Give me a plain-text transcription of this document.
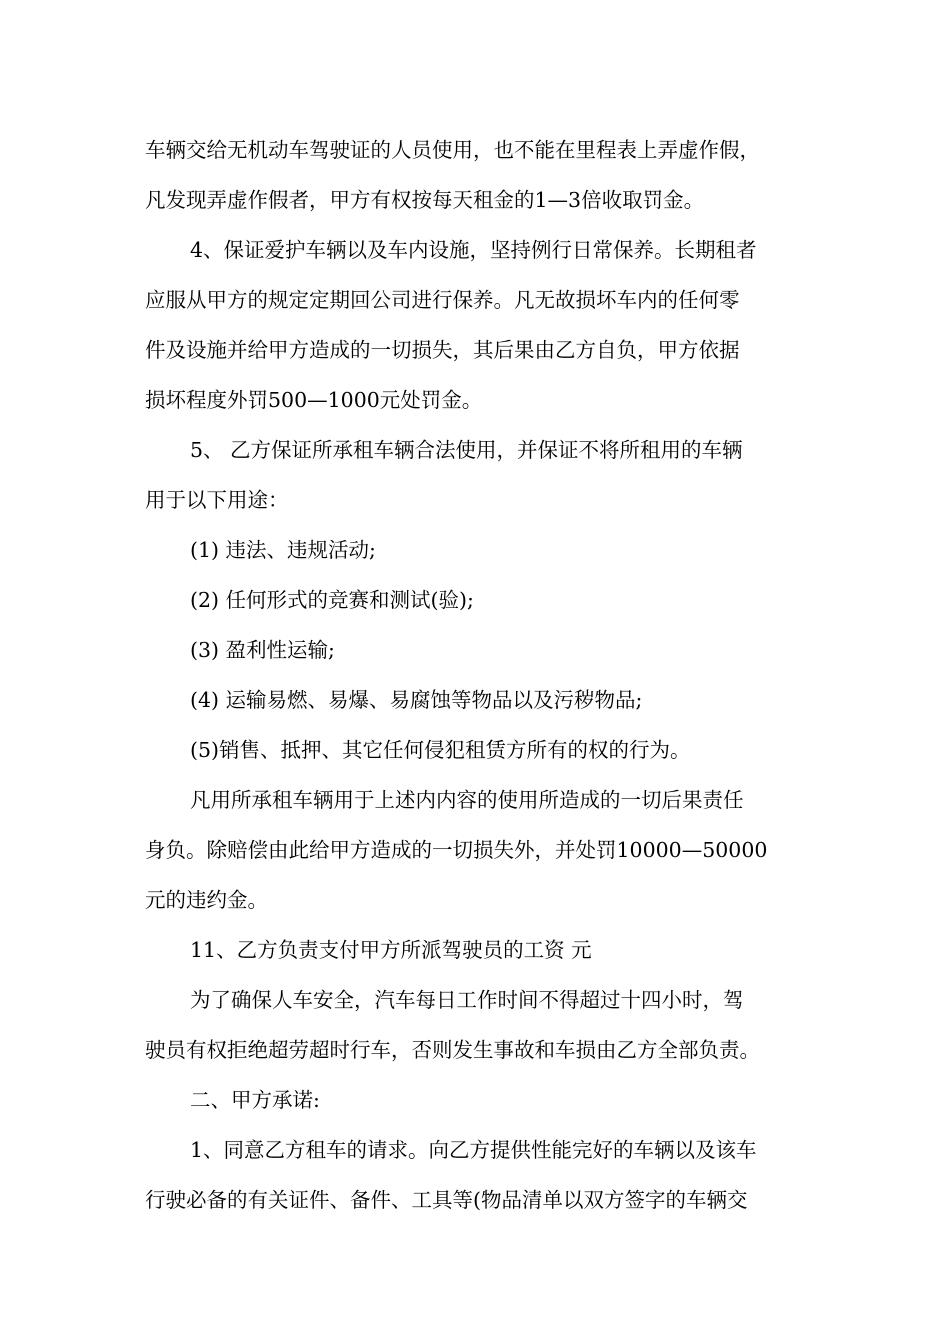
车辆交给无机动车驾驶证的人员使用，也不能在里程表上弄虚作假，
凡发现弄虚作假者，甲方有权按每天租金的1—3倍收取罚金。
4、保证爱护车辆以及车内设施，坚持例行日常保养。长期租者
应服从甲方的规定定期回公司进行保养。凡无故损坏车内的任何零
件及设施并给甲方造成的一切损失，其后果由乙方自负，甲方依据
损坏程度外罚500—1000元处罚金。
5、 乙方保证所承租车辆合法使用，并保证不将所租用的车辆
用于以下用途：
(1) 违法、违规活动;
(2) 任何形式的竞赛和测试(验);
(3) 盈利性运输;
(4) 运输易燃、易爆、易腐蚀等物品以及污秽物品;
(5)销售、抵押、其它任何侵犯租赁方所有的权的行为。
凡用所承租车辆用于上述内内容的使用所造成的一切后果责任
身负。除赔偿由此给甲方造成的一切损失外，并处罚10000—50000
元的违约金。
11、乙方负责支付甲方所派驾驶员的工资 元
为了确保人车安全，汽车每日工作时间不得超过十四小时，驾
驶员有权拒绝超劳超时行车，否则发生事故和车损由乙方全部负责。
二、甲方承诺:
1、同意乙方租车的请求。向乙方提供性能完好的车辆以及该车
行驶必备的有关证件、备件、工具等(物品清单以双方签字的车辆交
